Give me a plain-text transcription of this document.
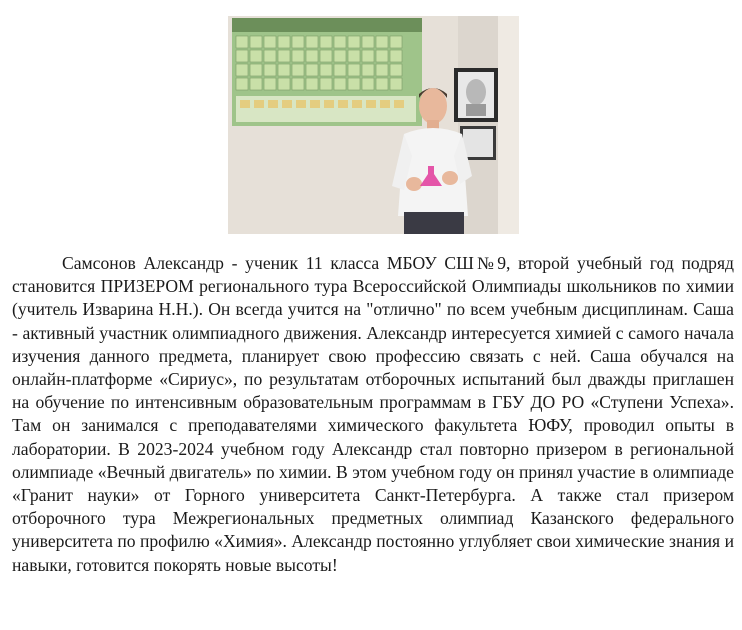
Самсонов Александр - ученик 11 класса МБОУ СШ№9, второй учебный год подряд становится ПРИЗЕРОМ регионального тура Всероссийской Олимпиады школьников по химии (учитель Изварина Н.Н.). Он всегда учится на "отлично" по всем учебным дисциплинам. Саша - активный участник олимпиадного движения. Александр интересуется химией с самого начала изучения данного предмета, планирует свою профессию связать с ней. Саша обучался на онлайн-платформе «Сириус», по результатам отборочных испытаний был дважды приглашен на обучение по интенсивным образовательным программам в ГБУ ДО РО «Ступени Успеха». Там он занимался с преподавателями химического факультета ЮФУ, проводил опыты в лаборатории. В 2023-2024 учебном году Александр стал повторно призером в региональной олимпиаде «Вечный двигатель» по химии. В этом учебном году он принял участие в олимпиаде «Гранит науки» от Горного университета Санкт-Петербурга. А также стал призером отборочного тура Межрегиональных предметных олимпиад Казанского федерального университета по профилю «Химия». Александр постоянно углубляет свои химические знания и навыки, готовится покорять новые высоты!
